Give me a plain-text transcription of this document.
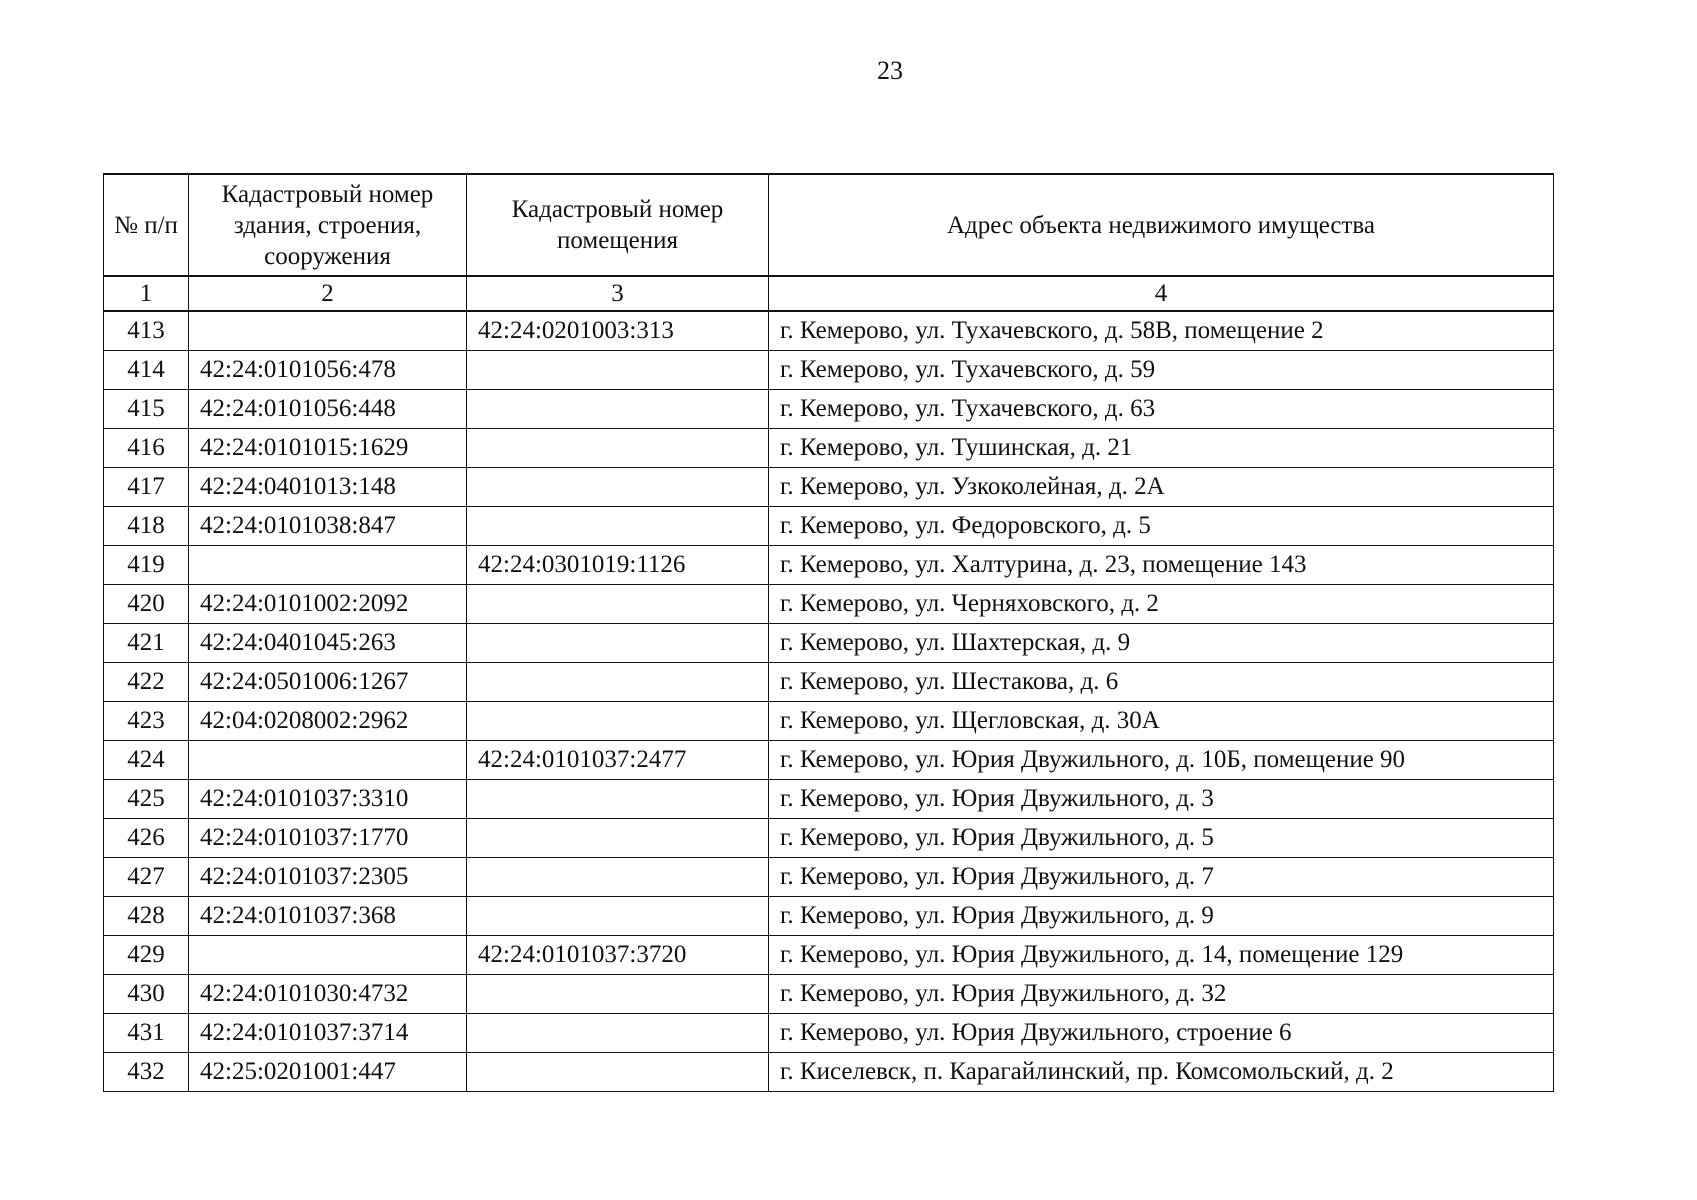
23
№ п/п	Кадастровый номер здания, строения, сооружения	Кадастровый номер помещения	Адрес объекта недвижимого имущества
1	2	3	4
413		42:24:0201003:313	г. Кемерово, ул. Тухачевского, д. 58В, помещение 2
414	42:24:0101056:478		г. Кемерово, ул. Тухачевского, д. 59
415	42:24:0101056:448		г. Кемерово, ул. Тухачевского, д. 63
416	42:24:0101015:1629		г. Кемерово, ул. Тушинская, д. 21
417	42:24:0401013:148		г. Кемерово, ул. Узкоколейная, д. 2А
418	42:24:0101038:847		г. Кемерово, ул. Федоровского, д. 5
419		42:24:0301019:1126	г. Кемерово, ул. Халтурина, д. 23, помещение 143
420	42:24:0101002:2092		г. Кемерово, ул. Черняховского, д. 2
421	42:24:0401045:263		г. Кемерово, ул. Шахтерская, д. 9
422	42:24:0501006:1267		г. Кемерово, ул. Шестакова, д. 6
423	42:04:0208002:2962		г. Кемерово, ул. Щегловская, д. 30А
424		42:24:0101037:2477	г. Кемерово, ул. Юрия Двужильного, д. 10Б, помещение 90
425	42:24:0101037:3310		г. Кемерово, ул. Юрия Двужильного, д. 3
426	42:24:0101037:1770		г. Кемерово, ул. Юрия Двужильного, д. 5
427	42:24:0101037:2305		г. Кемерово, ул. Юрия Двужильного, д. 7
428	42:24:0101037:368		г. Кемерово, ул. Юрия Двужильного, д. 9
429		42:24:0101037:3720	г. Кемерово, ул. Юрия Двужильного, д. 14, помещение 129
430	42:24:0101030:4732		г. Кемерово, ул. Юрия Двужильного, д. 32
431	42:24:0101037:3714		г. Кемерово, ул. Юрия Двужильного, строение 6
432	42:25:0201001:447		г. Киселевск, п. Карагайлинский, пр. Комсомольский, д. 2
